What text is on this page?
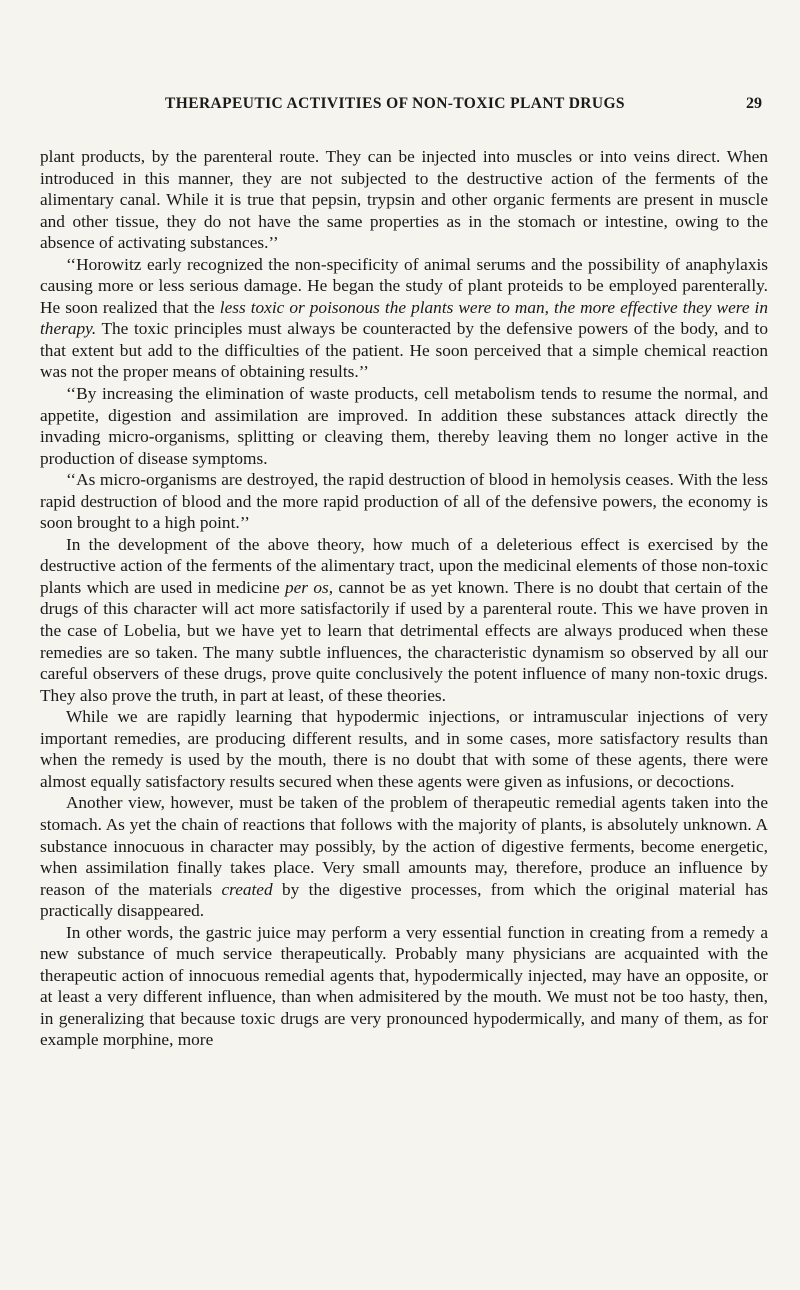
THERAPEUTIC ACTIVITIES OF NON-TOXIC PLANT DRUGS	29

plant products, by the parenteral route. They can be injected into muscles or into veins direct. When introduced in this manner, they are not subjected to the destructive action of the ferments of the alimentary canal. While it is true that pepsin, trypsin and other organic ferments are present in muscle and other tissue, they do not have the same properties as in the stomach or intestine, owing to the absence of activating substances.’’

‘‘Horowitz early recognized the non-specificity of animal serums and the possibility of anaphylaxis causing more or less serious damage. He began the study of plant proteids to be employed parenterally. He soon realized that the less toxic or poisonous the plants were to man, the more effective they were in therapy. The toxic principles must always be counteracted by the defensive powers of the body, and to that extent but add to the difficulties of the patient. He soon perceived that a simple chemical reaction was not the proper means of obtaining results.’’

‘‘By increasing the elimination of waste products, cell metabolism tends to resume the normal, and appetite, digestion and assimilation are improved. In addition these substances attack directly the invading micro-organisms, splitting or cleaving them, thereby leaving them no longer active in the production of disease symptoms.

‘‘As micro-organisms are destroyed, the rapid destruction of blood in hemolysis ceases. With the less rapid destruction of blood and the more rapid production of all of the defensive powers, the economy is soon brought to a high point.’’

In the development of the above theory, how much of a deleterious effect is exercised by the destructive action of the ferments of the alimentary tract, upon the medicinal elements of those non-toxic plants which are used in medicine per os, cannot be as yet known. There is no doubt that certain of the drugs of this character will act more satisfactorily if used by a parenteral route. This we have proven in the case of Lobelia, but we have yet to learn that detrimental effects are always produced when these remedies are so taken. The many subtle influences, the characteristic dynamism so observed by all our careful observers of these drugs, prove quite conclusively the potent influence of many non-toxic drugs. They also prove the truth, in part at least, of these theories.

While we are rapidly learning that hypodermic injections, or intramuscular injections of very important remedies, are producing different results, and in some cases, more satisfactory results than when the remedy is used by the mouth, there is no doubt that with some of these agents, there were almost equally satisfactory results secured when these agents were given as infusions, or decoctions.

Another view, however, must be taken of the problem of therapeutic remedial agents taken into the stomach. As yet the chain of reactions that follows with the majority of plants, is absolutely unknown. A substance innocuous in character may possibly, by the action of digestive ferments, become energetic, when assimilation finally takes place. Very small amounts may, therefore, produce an influence by reason of the materials created by the digestive processes, from which the original material has practically disappeared.

In other words, the gastric juice may perform a very essential function in creating from a remedy a new substance of much service therapeutically. Probably many physicians are acquainted with the therapeutic action of innocuous remedial agents that, hypodermically injected, may have an opposite, or at least a very different influence, than when admisitered by the mouth. We must not be too hasty, then, in generalizing that because toxic drugs are very pronounced hypodermically, and many of them, as for example morphine, more
